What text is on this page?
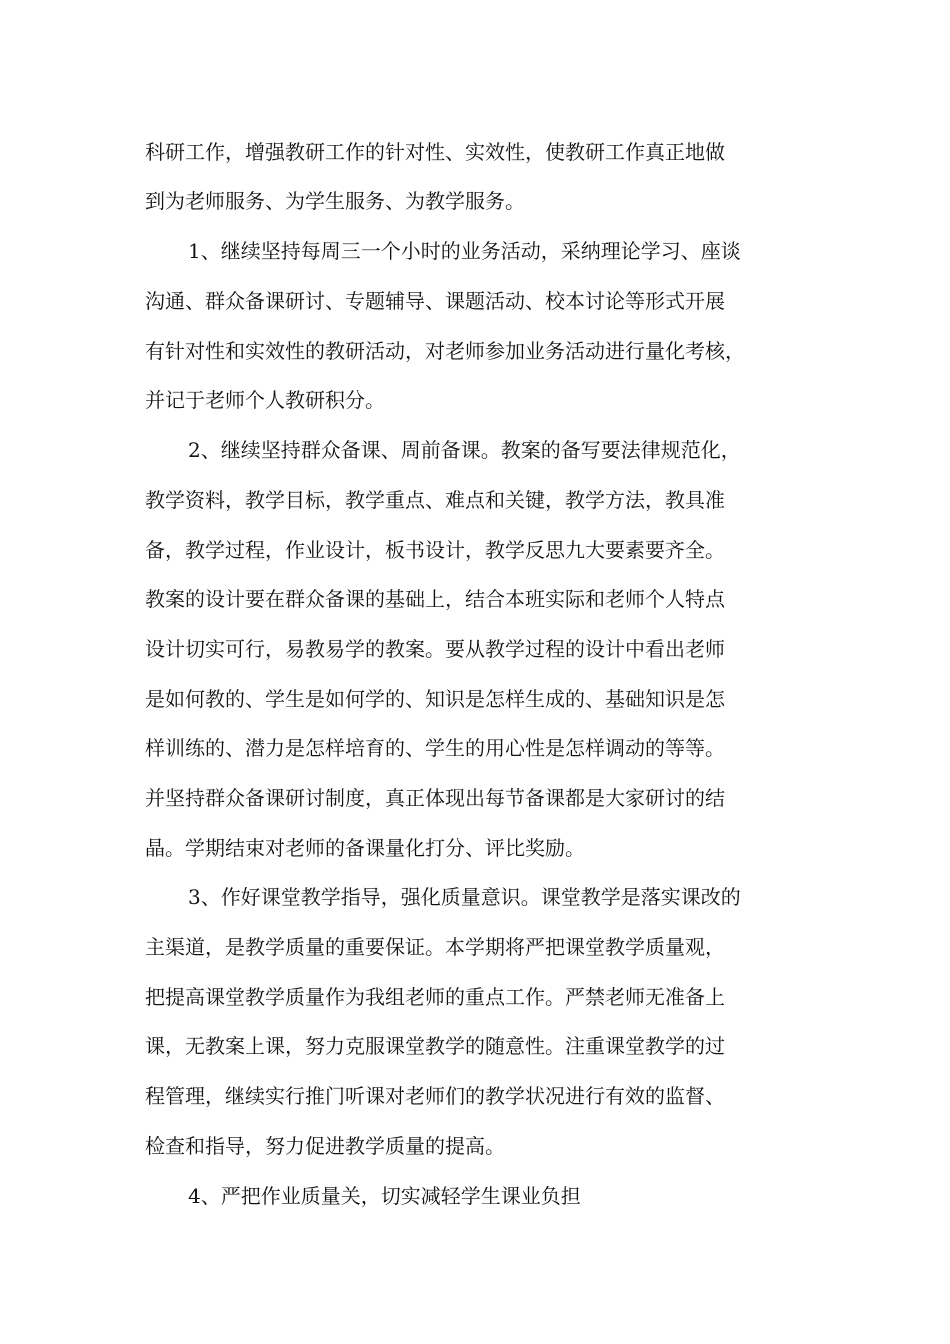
科研工作，增强教研工作的针对性、实效性，使教研工作真正地做

到为老师服务、为学生服务、为教学服务。

1、继续坚持每周三一个小时的业务活动，采纳理论学习、座谈

沟通、群众备课研讨、专题辅导、课题活动、校本讨论等形式开展

有针对性和实效性的教研活动，对老师参加业务活动进行量化考核，

并记于老师个人教研积分。

2、继续坚持群众备课、周前备课。教案的备写要法律规范化，

教学资料，教学目标，教学重点、难点和关键，教学方法，教具准

备，教学过程，作业设计，板书设计，教学反思九大要素要齐全。

教案的设计要在群众备课的基础上，结合本班实际和老师个人特点

设计切实可行，易教易学的教案。要从教学过程的设计中看出老师

是如何教的、学生是如何学的、知识是怎样生成的、基础知识是怎

样训练的、潜力是怎样培育的、学生的用心性是怎样调动的等等。

并坚持群众备课研讨制度，真正体现出每节备课都是大家研讨的结

晶。学期结束对老师的备课量化打分、评比奖励。

3、作好课堂教学指导，强化质量意识。课堂教学是落实课改的

主渠道，是教学质量的重要保证。本学期将严把课堂教学质量观，

把提高课堂教学质量作为我组老师的重点工作。严禁老师无准备上

课，无教案上课，努力克服课堂教学的随意性。注重课堂教学的过

程管理，继续实行推门听课对老师们的教学状况进行有效的监督、

检查和指导，努力促进教学质量的提高。

4、严把作业质量关，切实减轻学生课业负担
